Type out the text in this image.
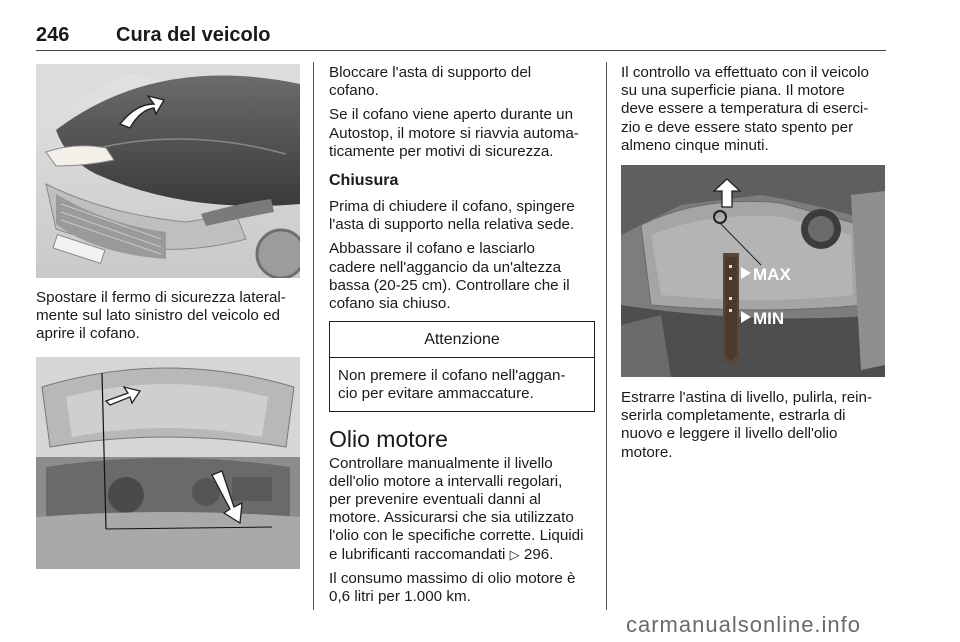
246 Cura del veicolo

Spostare il fermo di sicurezza lateral-
mente sul lato sinistro del veicolo ed
aprire il cofano.

Bloccare l'asta di supporto del
cofano.

Se il cofano viene aperto durante un
Autostop, il motore si riavvia automa-
ticamente per motivi di sicurezza.

Chiusura

Prima di chiudere il cofano, spingere
l'asta di supporto nella relativa sede.

Abbassare il cofano e lasciarlo
cadere nell'aggancio da un'altezza
bassa (20-25 cm). Controllare che il
cofano sia chiuso.

Attenzione
Non premere il cofano nell'aggan-
cio per evitare ammaccature.
Olio motore

Controllare manualmente il livello
dell'olio motore a intervalli regolari,
per prevenire eventuali danni al
motore. Assicurarsi che sia utilizzato
l'olio con le specifiche corrette. Liquidi
e lubrificanti raccomandati ▷ 296.

Il consumo massimo di olio motore è
0,6 litri per 1.000 km.

Il controllo va effettuato con il veicolo
su una superficie piana. Il motore
deve essere a temperatura di eserci-
zio e deve essere stato spento per
almeno cinque minuti.

MAX
MIN

Estrarre l'astina di livello, pulirla, rein-
serirla completamente, estrarla di
nuovo e leggere il livello dell'olio
motore.

carmanualsonline.info
